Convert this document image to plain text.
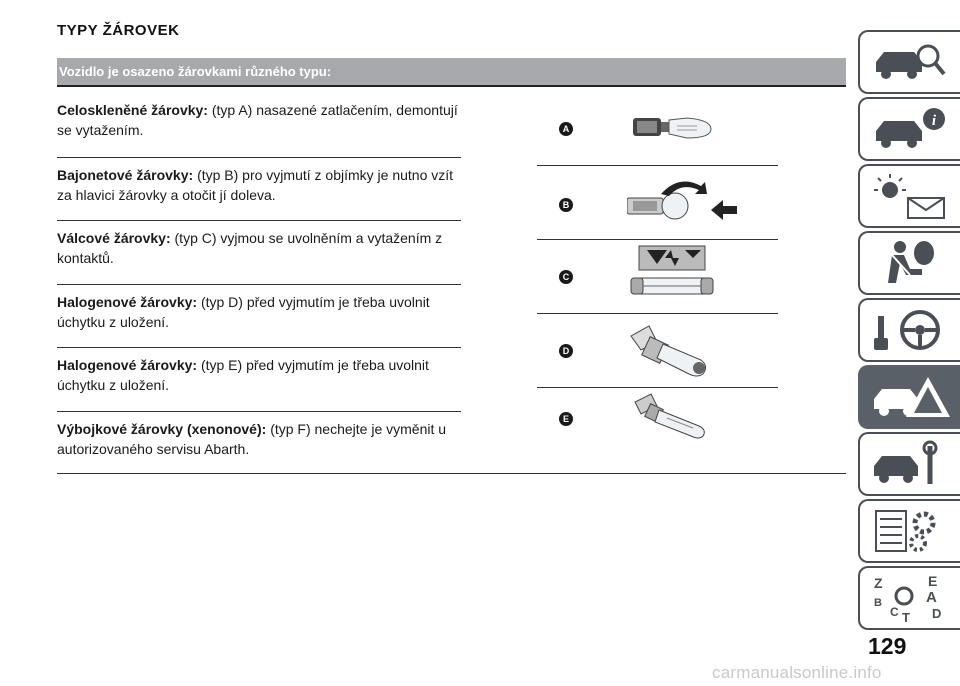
TYPY ŽÁROVEK
Vozidlo je osazeno žárovkami různého typu:
Celoskleněné žárovky: (typ A) nasazené zatlačením, demontují se vytažením.
Bajonetové žárovky: (typ B) pro vyjmutí z objímky je nutno vzít za hlavici žárovky a otočit jí doleva.
Válcové žárovky: (typ C) vyjmou se uvolněním a vytažením z kontaktů.
Halogenové žárovky: (typ D) před vyjmutím je třeba uvolnit úchytku z uložení.
Halogenové žárovky: (typ E) před vyjmutím je třeba uvolnit úchytku z uložení.
Výbojkové žárovky (xenonové): (typ F) nechejte je vyměnit u autorizovaného servisu Abarth.
A
B
C
D
E
i
Z	E
B	A
C	D
T
129
carmanualsonline.info
